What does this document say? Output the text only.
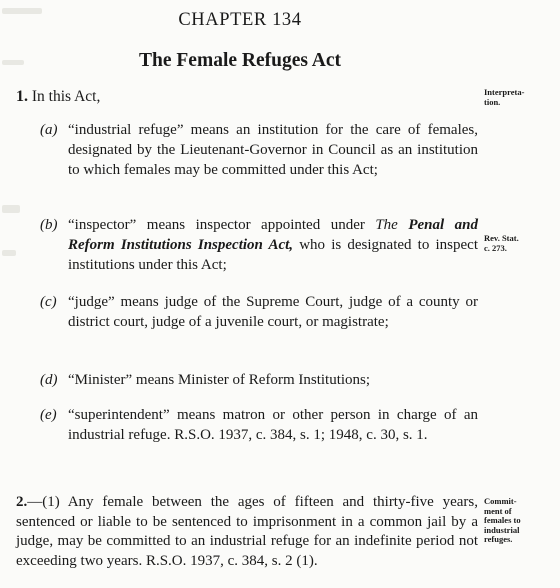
CHAPTER 134
The Female Refuges Act
1. In this Act,	Interpreta-
tion.
(a) “industrial refuge” means an institution for the care of females, designated by the Lieutenant-Governor in Council as an institution to which females may be committed under this Act;
(b) “inspector” means inspector appointed under The Penal and Reform Institutions Inspection Act, who is designated to inspect institutions under this Act;
Rev. Stat.
c. 273.
(c) “judge” means judge of the Supreme Court, judge of a county or district court, judge of a juvenile court, or magistrate;
(d) “Minister” means Minister of Reform Institutions;
(e) “superintendent” means matron or other person in charge of an industrial refuge. R.S.O. 1937, c. 384, s. 1; 1948, c. 30, s. 1.
2.—(1) Any female between the ages of fifteen and thirty-five years, sentenced or liable to be sentenced to imprisonment in a common jail by a judge, may be committed to an industrial refuge for an indefinite period not exceeding two years. R.S.O. 1937, c. 384, s. 2 (1).
Commit-
ment of
females to
industrial
refuges.
